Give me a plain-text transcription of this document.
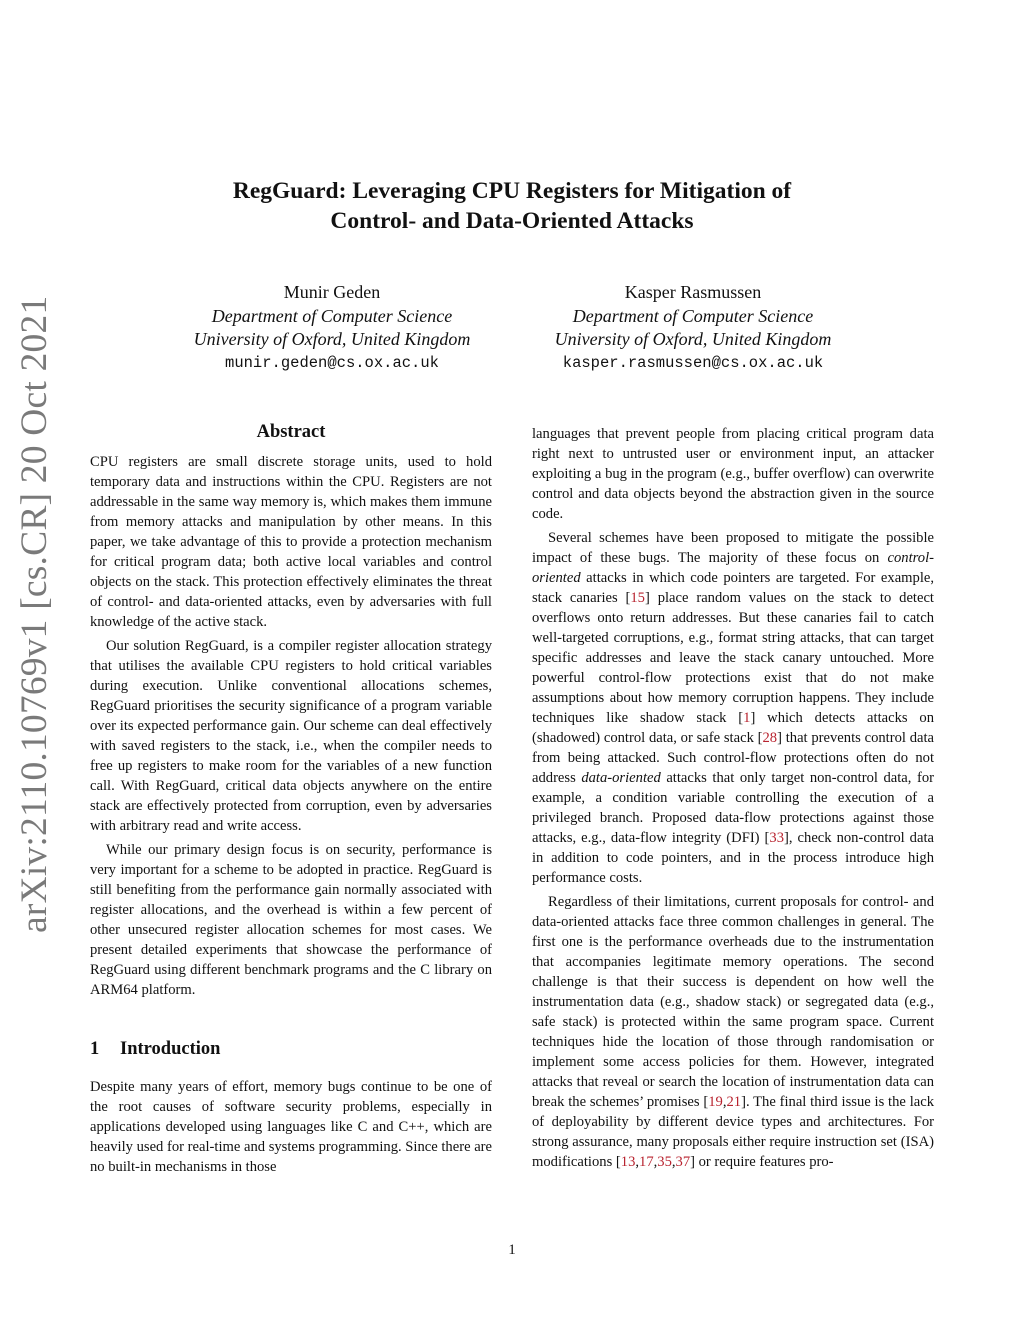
arXiv:2110.10769v1 [cs.CR] 20 Oct 2021
RegGuard: Leveraging CPU Registers for Mitigation of
Control- and Data-Oriented Attacks
Munir Geden
Department of Computer Science
University of Oxford, United Kingdom
munir.geden@cs.ox.ac.uk
Kasper Rasmussen
Department of Computer Science
University of Oxford, United Kingdom
kasper.rasmussen@cs.ox.ac.uk
Abstract

CPU registers are small discrete storage units, used to hold temporary data and instructions within the CPU. Registers are not addressable in the same way memory is, which makes them immune from memory attacks and manipulation by other means. In this paper, we take advantage of this to provide a protection mechanism for critical program data; both active local variables and control objects on the stack. This protection effectively eliminates the threat of control- and data-oriented attacks, even by adversaries with full knowledge of the active stack.

Our solution RegGuard, is a compiler register allocation strategy that utilises the available CPU registers to hold critical variables during execution. Unlike conventional allocations schemes, RegGuard prioritises the security significance of a program variable over its expected performance gain. Our scheme can deal effectively with saved registers to the stack, i.e., when the compiler needs to free up registers to make room for the variables of a new function call. With RegGuard, critical data objects anywhere on the entire stack are effectively protected from corruption, even by adversaries with arbitrary read and write access.

While our primary design focus is on security, performance is very important for a scheme to be adopted in practice. RegGuard is still benefiting from the performance gain normally associated with register allocations, and the overhead is within a few percent of other unsecured register allocation schemes for most cases. We present detailed experiments that showcase the performance of RegGuard using different benchmark programs and the C library on ARM64 platform.

1 Introduction

Despite many years of effort, memory bugs continue to be one of the root causes of software security problems, especially in applications developed using languages like C and C++, which are heavily used for real-time and systems programming. Since there are no built-in mechanisms in those

languages that prevent people from placing critical program data right next to untrusted user or environment input, an attacker exploiting a bug in the program (e.g., buffer overflow) can overwrite control and data objects beyond the abstraction given in the source code.

Several schemes have been proposed to mitigate the possible impact of these bugs. The majority of these focus on control-oriented attacks in which code pointers are targeted. For example, stack canaries [15] place random values on the stack to detect overflows onto return addresses. But these canaries fail to catch well-targeted corruptions, e.g., format string attacks, that can target specific addresses and leave the stack canary untouched. More powerful control-flow protections exist that do not make assumptions about how memory corruption happens. They include techniques like shadow stack [1] which detects attacks on (shadowed) control data, or safe stack [28] that prevents control data from being attacked. Such control-flow protections often do not address data-oriented attacks that only target non-control data, for example, a condition variable controlling the execution of a privileged branch. Proposed data-flow protections against those attacks, e.g., data-flow integrity (DFI) [33], check non-control data in addition to code pointers, and in the process introduce high performance costs.

Regardless of their limitations, current proposals for control- and data-oriented attacks face three common challenges in general. The first one is the performance overheads due to the instrumentation that accompanies legitimate memory operations. The second challenge is that their success is dependent on how well the instrumentation data (e.g., shadow stack) or segregated data (e.g., safe stack) is protected within the same program space. Current techniques hide the location of those through randomisation or implement some access policies for them. However, integrated attacks that reveal or search the location of instrumentation data can break the schemes’ promises [19,21]. The final third issue is the lack of deployability by different device types and architectures. For strong assurance, many proposals either require instruction set (ISA) modifications [13,17,35,37] or require features pro-

1
